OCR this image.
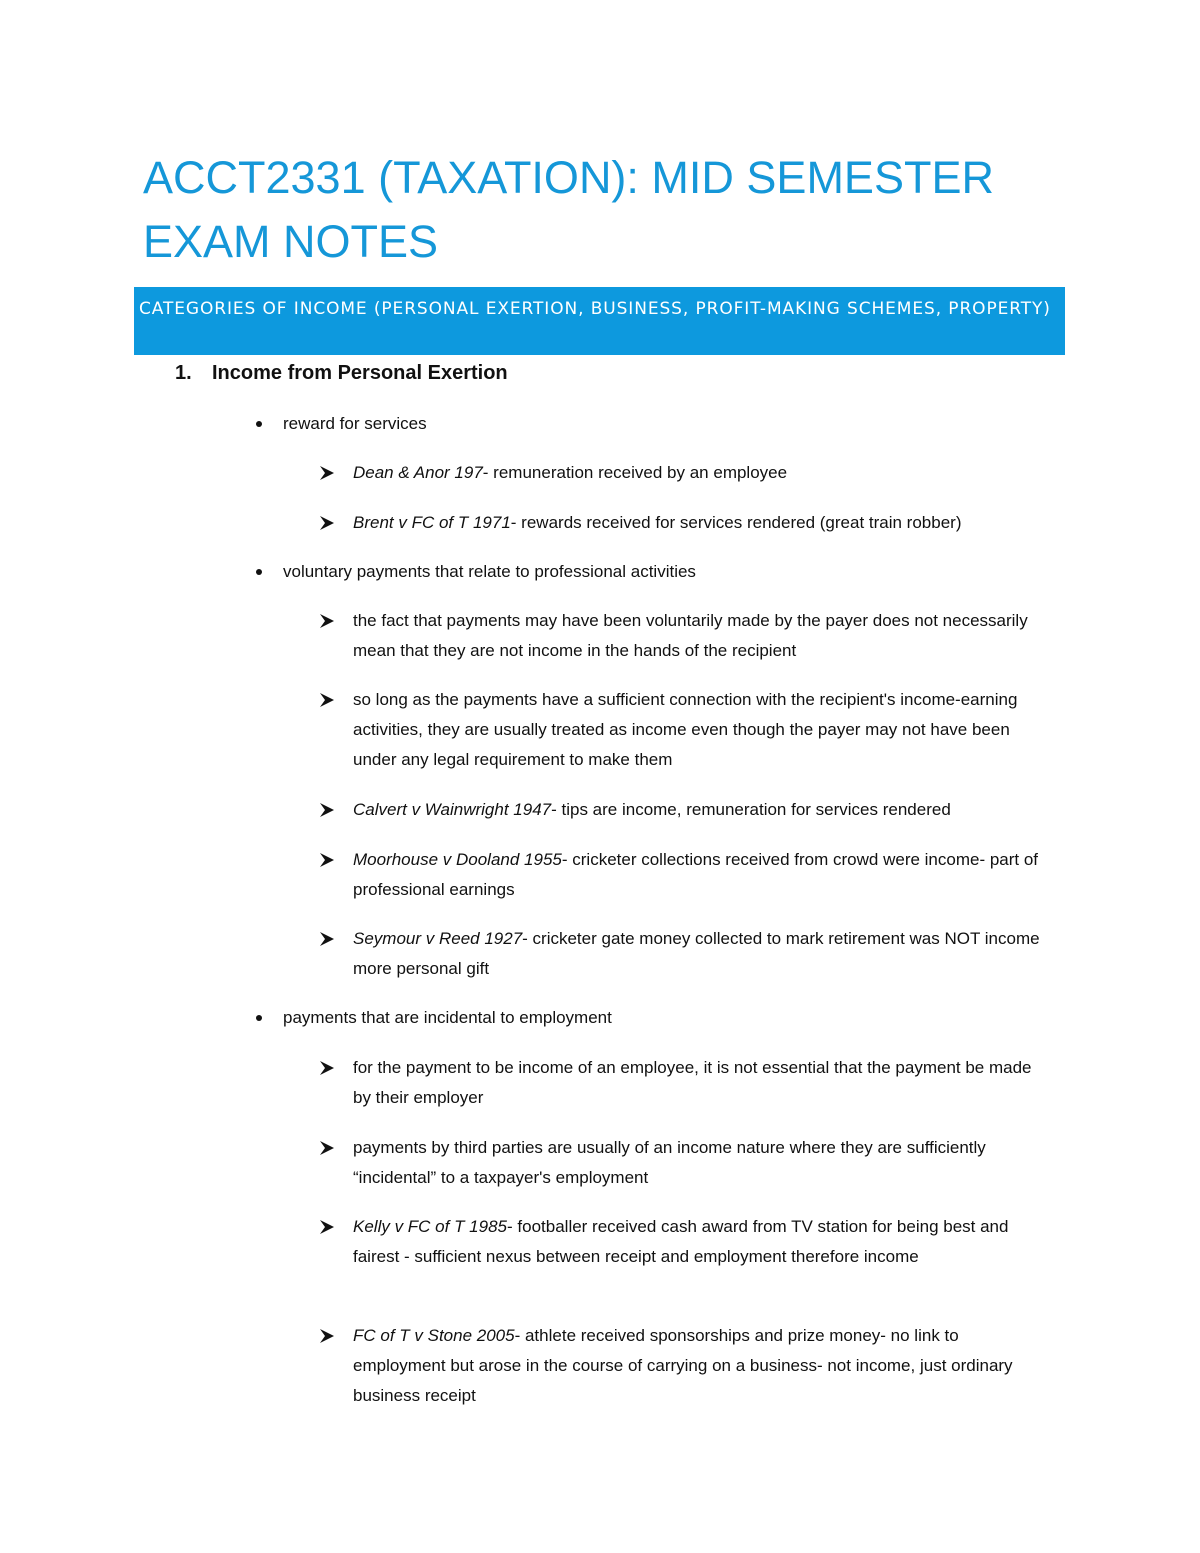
ACCT2331 (TAXATION): MID SEMESTER EXAM NOTES
CATEGORIES OF INCOME (PERSONAL EXERTION, BUSINESS, PROFIT-MAKING SCHEMES, PROPERTY)
1. Income from Personal Exertion
reward for services
Dean & Anor 197- remuneration received by an employee
Brent v FC of T 1971- rewards received for services rendered (great train robber)
voluntary payments that relate to professional activities
the fact that payments may have been voluntarily made by the payer does not necessarily mean that they are not income in the hands of the recipient
so long as the payments have a sufficient connection with the recipient's income-earning activities, they are usually treated as income even though the payer may not have been under any legal requirement to make them
Calvert v Wainwright 1947- tips are income, remuneration for services rendered
Moorhouse v Dooland 1955- cricketer collections received from crowd were income- part of professional earnings
Seymour v Reed 1927- cricketer gate money collected to mark retirement was NOT income more personal gift
payments that are incidental to employment
for the payment to be income of an employee, it is not essential that the payment be made by their employer
payments by third parties are usually of an income nature where they are sufficiently “incidental” to a taxpayer's employment
Kelly v FC of T 1985- footballer received cash award from TV station for being best and fairest - sufficient nexus between receipt and employment therefore income
FC of T v Stone 2005- athlete received sponsorships and prize money- no link to employment but arose in the course of carrying on a business- not income, just ordinary business receipt
